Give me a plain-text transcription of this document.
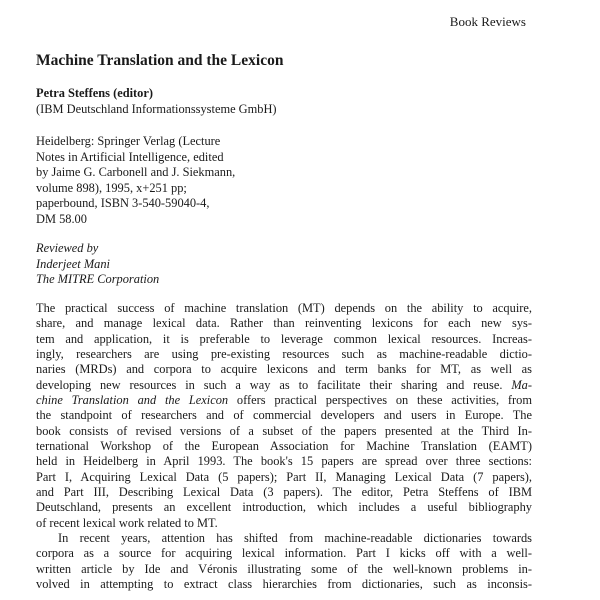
Book Reviews
Machine Translation and the Lexicon
Petra Steffens (editor)
(IBM Deutschland Informationssysteme GmbH)
Heidelberg: Springer Verlag (Lecture
Notes in Artificial Intelligence, edited
by Jaime G. Carbonell and J. Siekmann,
volume 898), 1995, x+251 pp;
paperbound, ISBN 3-540-59040-4,
DM 58.00
Reviewed by
Inderjeet Mani
The MITRE Corporation
The practical success of machine translation (MT) depends on the ability to acquire,
share, and manage lexical data. Rather than reinventing lexicons for each new sys-
tem and application, it is preferable to leverage common lexical resources. Increas-
ingly, researchers are using pre-existing resources such as machine-readable dictio-
naries (MRDs) and corpora to acquire lexicons and term banks for MT, as well as
developing new resources in such a way as to facilitate their sharing and reuse. Ma-
chine Translation and the Lexicon offers practical perspectives on these activities, from
the standpoint of researchers and of commercial developers and users in Europe. The
book consists of revised versions of a subset of the papers presented at the Third In-
ternational Workshop of the European Association for Machine Translation (EAMT)
held in Heidelberg in April 1993. The book's 15 papers are spread over three sections:
Part I, Acquiring Lexical Data (5 papers); Part II, Managing Lexical Data (7 papers),
and Part III, Describing Lexical Data (3 papers). The editor, Petra Steffens of IBM
Deutschland, presents an excellent introduction, which includes a useful bibliography
of recent lexical work related to MT.
In recent years, attention has shifted from machine-readable dictionaries towards
corpora as a source for acquiring lexical information. Part I kicks off with a well-
written article by Ide and Véronis illustrating some of the well-known problems in-
volved in attempting to extract class hierarchies from dictionaries, such as inconsis-
